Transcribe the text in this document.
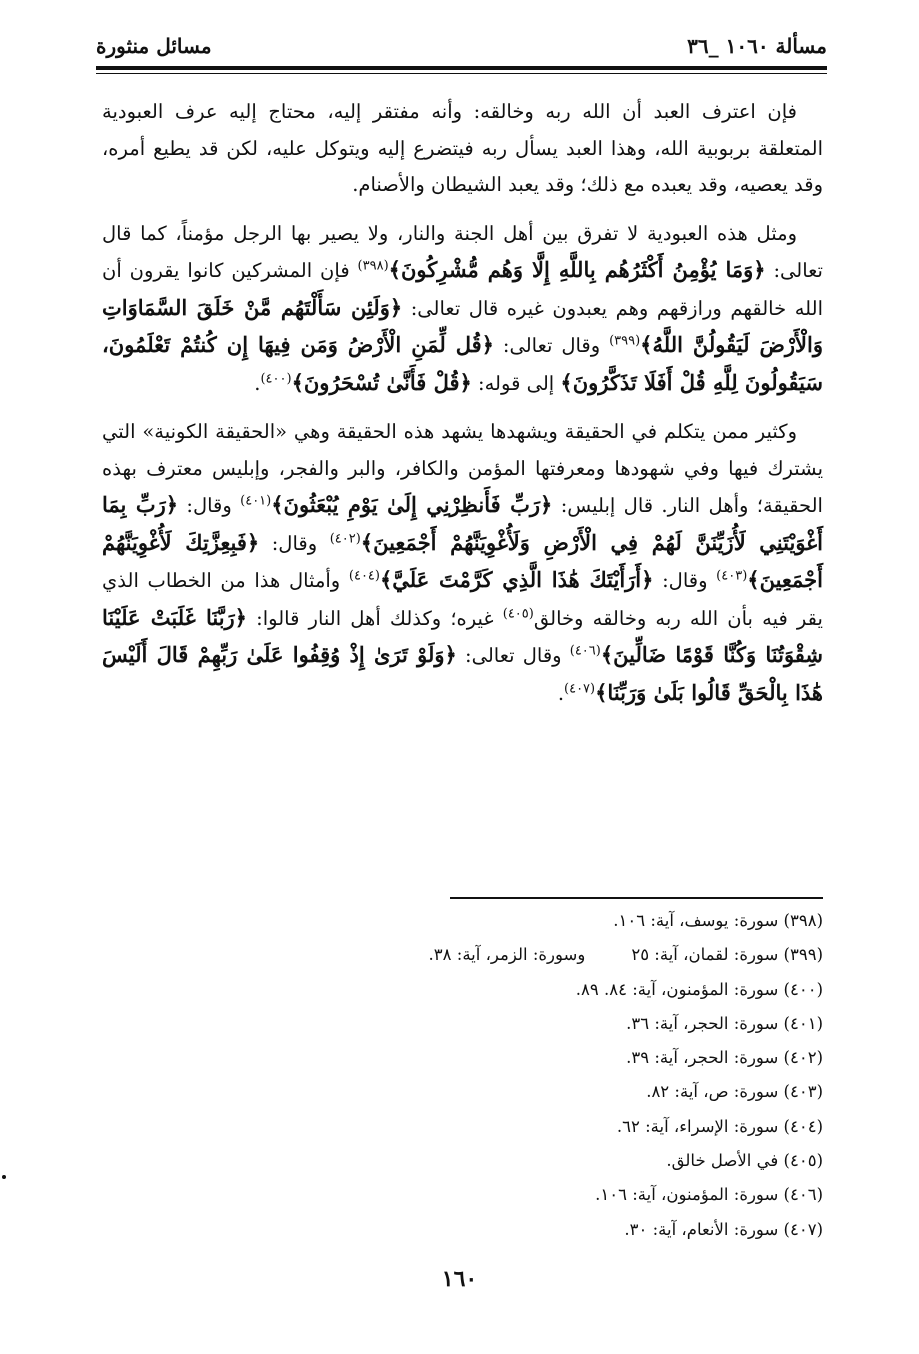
مسألة ١٠٦٠ _٣٦
مسائل منثورة

فإن اعترف العبد أن الله ربه وخالقه: وأنه مفتقر إليه، محتاج إليه عرف العبودية المتعلقة بربوبية الله، وهذا العبد يسأل ربه فيتضرع إليه ويتوكل عليه، لكن قد يطيع أمره، وقد يعصيه، وقد يعبده مع ذلك؛ وقد يعبد الشيطان والأصنام.

ومثل هذه العبودية لا تفرق بين أهل الجنة والنار، ولا يصير بها الرجل مؤمناً، كما قال تعالى: ﴿وَمَا يُؤْمِنُ أَكْثَرُهُم بِاللَّهِ إِلَّا وَهُم مُّشْرِكُونَ﴾$^{(٣٩٨)}$ فإن المشركين كانوا يقرون أن الله خالقهم ورازقهم وهم يعبدون غيره قال تعالى: ﴿وَلَئِن سَأَلْتَهُم مَّنْ خَلَقَ السَّمَاوَاتِ وَالْأَرْضَ لَيَقُولُنَّ اللَّهُ﴾$^{(٣٩٩)}$ وقال تعالى: ﴿قُل لِّمَنِ الْأَرْضُ وَمَن فِيهَا إِن كُنتُمْ تَعْلَمُونَ، سَيَقُولُونَ لِلَّهِ قُلْ أَفَلَا تَذَكَّرُونَ﴾ إلى قوله: ﴿قُلْ فَأَنَّىٰ تُسْحَرُونَ﴾$^{(٤٠٠)}$.

وكثير ممن يتكلم في الحقيقة ويشهدها يشهد هذه الحقيقة وهي «الحقيقة الكونية» التي يشترك فيها وفي شهودها ومعرفتها المؤمن والكافر، والبر والفجر، وإبليس معترف بهذه الحقيقة؛ وأهل النار. قال إبليس: ﴿رَبِّ فَأَنظِرْنِي إِلَىٰ يَوْمِ يُبْعَثُونَ﴾$^{(٤٠١)}$ وقال: ﴿رَبِّ بِمَا أَغْوَيْتَنِي لَأُزَيِّنَنَّ لَهُمْ فِي الْأَرْضِ وَلَأُغْوِيَنَّهُمْ أَجْمَعِينَ﴾$^{(٤٠٢)}$ وقال: ﴿فَبِعِزَّتِكَ لَأُغْوِيَنَّهُمْ أَجْمَعِينَ﴾$^{(٤٠٣)}$ وقال: ﴿أَرَأَيْتَكَ هَٰذَا الَّذِي كَرَّمْتَ عَلَيَّ﴾$^{(٤٠٤)}$ وأمثال هذا من الخطاب الذي يقر فيه بأن الله ربه وخالقه وخالق$^{(٤٠٥)}$ غيره؛ وكذلك أهل النار قالوا: ﴿رَبَّنَا غَلَبَتْ عَلَيْنَا شِقْوَتُنَا وَكُنَّا قَوْمًا ضَالِّينَ﴾$^{(٤٠٦)}$ وقال تعالى: ﴿وَلَوْ تَرَىٰ إِذْ وُقِفُوا عَلَىٰ رَبِّهِمْ قَالَ أَلَيْسَ هَٰذَا بِالْحَقِّ قَالُوا بَلَىٰ وَرَبِّنَا﴾$^{(٤٠٧)}$.

(٣٩٨) سورة: يوسف، آية: ١٠٦.
(٣٩٩) سورة: لقمان، آية: ٢٥وسورة: الزمر، آية: ٣٨.
(٤٠٠) سورة: المؤمنون، آية: ٨٤. ٨٩.
(٤٠١) سورة: الحجر، آية: ٣٦.
(٤٠٢) سورة: الحجر، آية: ٣٩.
(٤٠٣) سورة: ص، آية: ٨٢.
(٤٠٤) سورة: الإسراء، آية: ٦٢.
(٤٠٥) في الأصل خالق.
(٤٠٦) سورة: المؤمنون، آية: ١٠٦.
(٤٠٧) سورة: الأنعام، آية: ٣٠.
١٦٠
